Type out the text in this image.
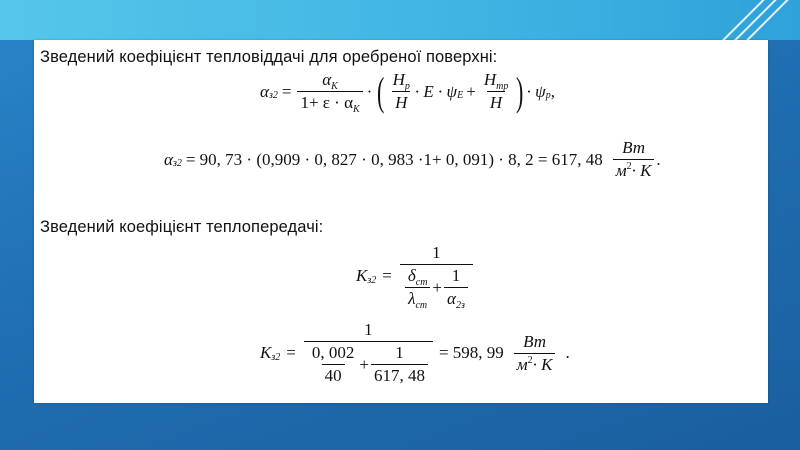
Зведений коефіцієнт тепловіддачі для оребреної поверхні:
α $з2 = \frac{\alpha_К}{1+ \varepsilon \cdot \alpha_К}$ · ( $\frac{H_p}{H} \cdot E \cdot \psi$ $E + \frac{H_{mp}}{H}$ ) · ψ p ,
α з2 = 90, 73 · (0,909 · 0, 827 · 0, 983 ·1+ 0, 091) · 8, 2 = 617, $48 \frac{Вт}{м^2\cdot К}$ .
Зведений коефіцієнт теплопередачі:
K з2 =
1
$\frac{\delta_{cm}}{\lambda_{cm}} + \frac{1}{\alpha_{2з}}$
K з2 =
1
$\frac{0, 002}{40} + \frac{1}{617, 48} = 598$, $99 \frac{Вт}{м^2\cdot К}$ .
